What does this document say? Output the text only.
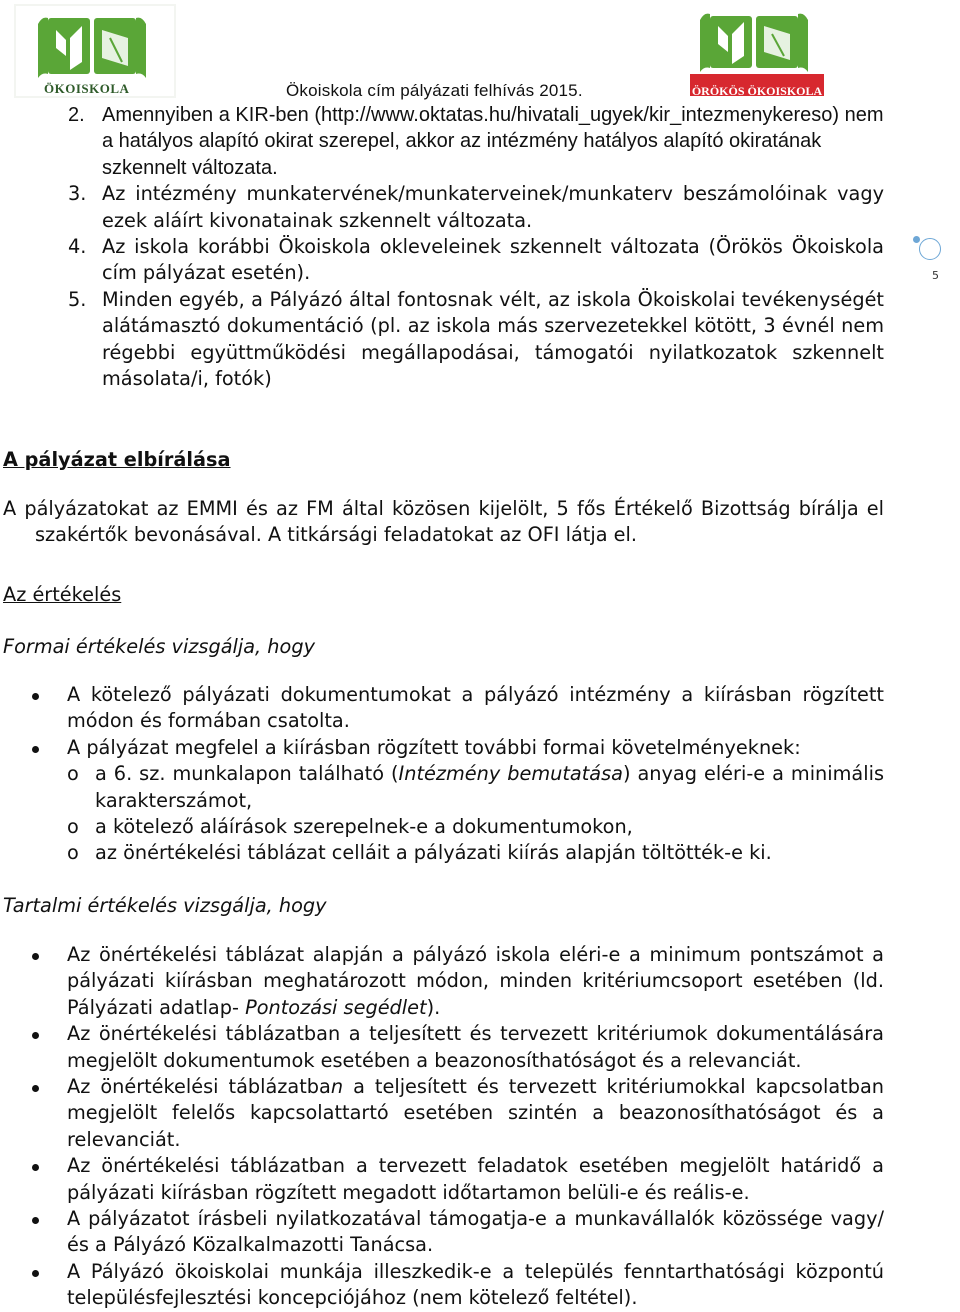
ÖKOISKOLA	Ökoiskola cím pályázati felhívás 2015.	ÖRÖKÖS ÖKOISKOLA
5
2. Amennyiben a KIR-ben (http://www.oktatas.hu/hivatali_ugyek/kir_intezmenykereso) nem a hatályos alapító okirat szerepel, akkor az intézmény hatályos alapító okiratának szkennelt változata.
3. Az intézmény munkatervének/munkaterveinek/munkaterv beszámolóinak vagy ezek aláírt kivonatainak szkennelt változata.
4. Az iskola korábbi Ökoiskola okleveleinek szkennelt változata (Örökös Ökoiskola cím pályázat esetén).
5. Minden egyéb, a Pályázó által fontosnak vélt, az iskola Ökoiskolai tevékenységét alátámasztó dokumentáció (pl. az iskola más szervezetekkel kötött, 3 évnél nem régebbi együttműködési megállapodásai, támogatói nyilatkozatok szkennelt másolata/i, fotók)
A pályázat elbírálása
A pályázatokat az EMMI és az FM által közösen kijelölt, 5 fős Értékelő Bizottság bírálja el
szakértők bevonásával. A titkársági feladatokat az OFI látja el.
Az értékelés
Formai értékelés vizsgálja, hogy
A kötelező pályázati dokumentumokat a pályázó intézmény a kiírásban rögzített módon és formában csatolta.
A pályázat megfelel a kiírásban rögzített további formai követelményeknek:
o a 6. sz. munkalapon található (Intézmény bemutatása) anyag eléri-e a minimális karakterszámot,
o a kötelező aláírások szerepelnek-e a dokumentumokon,
o az önértékelési táblázat celláit a pályázati kiírás alapján töltötték-e ki.
Tartalmi értékelés vizsgálja, hogy
Az önértékelési táblázat alapján a pályázó iskola eléri-e a minimum pontszámot a pályázati kiírásban meghatározott módon, minden kritériumcsoport esetében (ld. Pályázati adatlap- Pontozási segédlet).
Az önértékelési táblázatban a teljesített és tervezett kritériumok dokumentálására megjelölt dokumentumok esetében a beazonosíthatóságot és a relevanciát.
Az önértékelési táblázatban a teljesített és tervezett kritériumokkal kapcsolatban megjelölt felelős kapcsolattartó esetében szintén a beazonosíthatóságot és a relevanciát.
Az önértékelési táblázatban a tervezett feladatok esetében megjelölt határidő a pályázati kiírásban rögzített megadott időtartamon belüli-e és reális-e.
A pályázatot írásbeli nyilatkozatával támogatja-e a munkavállalók közössége vagy/és a Pályázó Közalkalmazotti Tanácsa.
A Pályázó ökoiskolai munkája illeszkedik-e a település fenntarthatósági központú településfejlesztési koncepciójához (nem kötelező feltétel).
